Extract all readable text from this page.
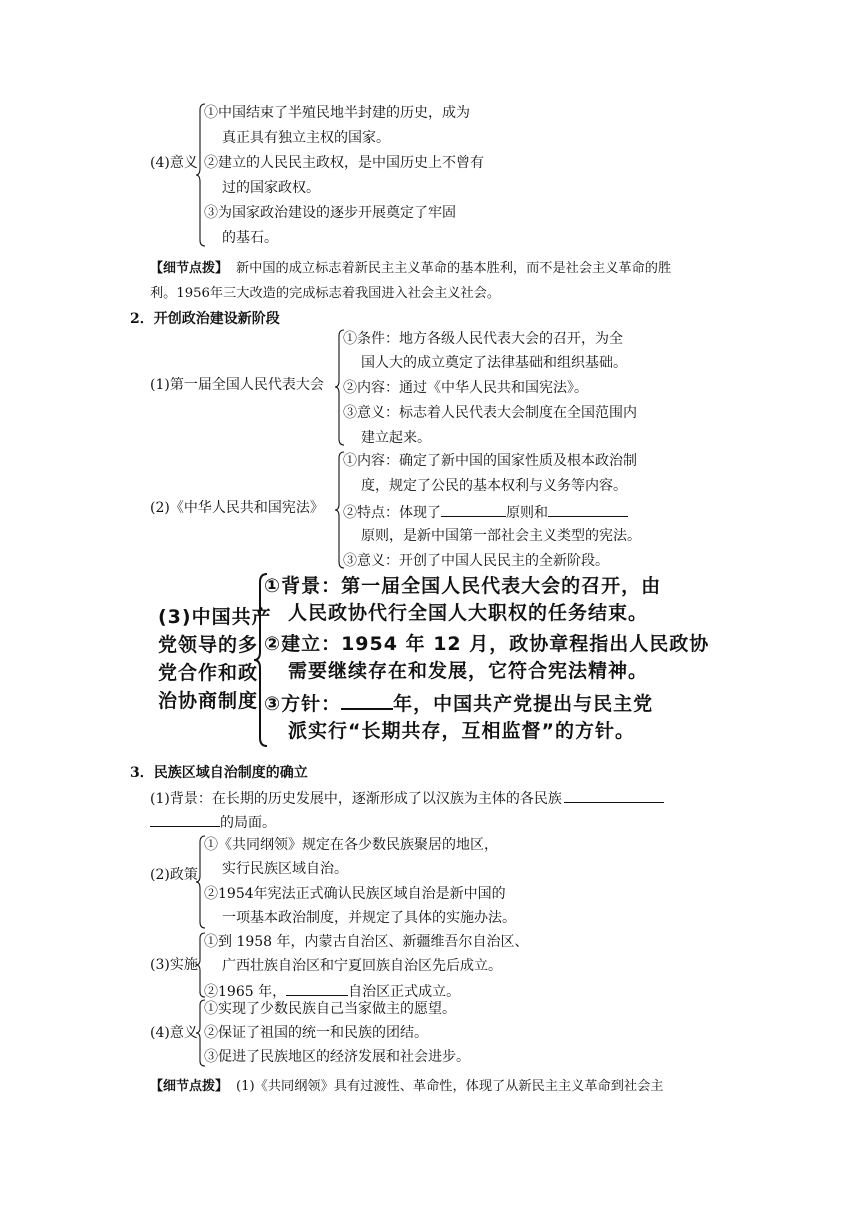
(4)意义
①中国结束了半殖民地半封建的历史，成为
真正具有独立主权的国家。
②建立的人民民主政权，是中国历史上不曾有
过的国家政权。
③为国家政治建设的逐步开展奠定了牢固
的基石。
【细节点拨】 新中国的成立标志着新民主主义革命的基本胜利，而不是社会主义革命的胜
利。1956年三大改造的完成标志着我国进入社会主义社会。
2．开创政治建设新阶段
(1)第一届全国人民代表大会
①条件：地方各级人民代表大会的召开，为全
国人大的成立奠定了法律基础和组织基础。
②内容：通过《中华人民共和国宪法》。
③意义：标志着人民代表大会制度在全国范围内
建立起来。
(2)《中华人民共和国宪法》
①内容：确定了新中国的国家性质及根本政治制
度，规定了公民的基本权利与义务等内容。
②特点：体现了	原则和
原则，是新中国第一部社会主义类型的宪法。
③意义：开创了中国人民民主的全新阶段。
(3)中国共产
党领导的多
党合作和政
治协商制度
①背景：第一届全国人民代表大会的召开，由
人民政协代行全国人大职权的任务结束。
②建立：1954 年 12 月，政协章程指出人民政协
需要继续存在和发展，它符合宪法精神。
③方针：	年，中国共产党提出与民主党
派实行“长期共存，互相监督”的方针。
3．民族区域自治制度的确立
(1)背景：在长期的历史发展中，逐渐形成了以汉族为主体的各民族
的局面。
(2)政策
①《共同纲领》规定在各少数民族聚居的地区，
实行民族区域自治。
②1954年宪法正式确认民族区域自治是新中国的
一项基本政治制度，并规定了具体的实施办法。
(3)实施
①到 1958 年，内蒙古自治区、新疆维吾尔自治区、
广西壮族自治区和宁夏回族自治区先后成立。
②1965 年，	自治区正式成立。
(4)意义
①实现了少数民族自己当家做主的愿望。
②保证了祖国的统一和民族的团结。
③促进了民族地区的经济发展和社会进步。
【细节点拨】 (1)《共同纲领》具有过渡性、革命性，体现了从新民主主义革命到社会主
